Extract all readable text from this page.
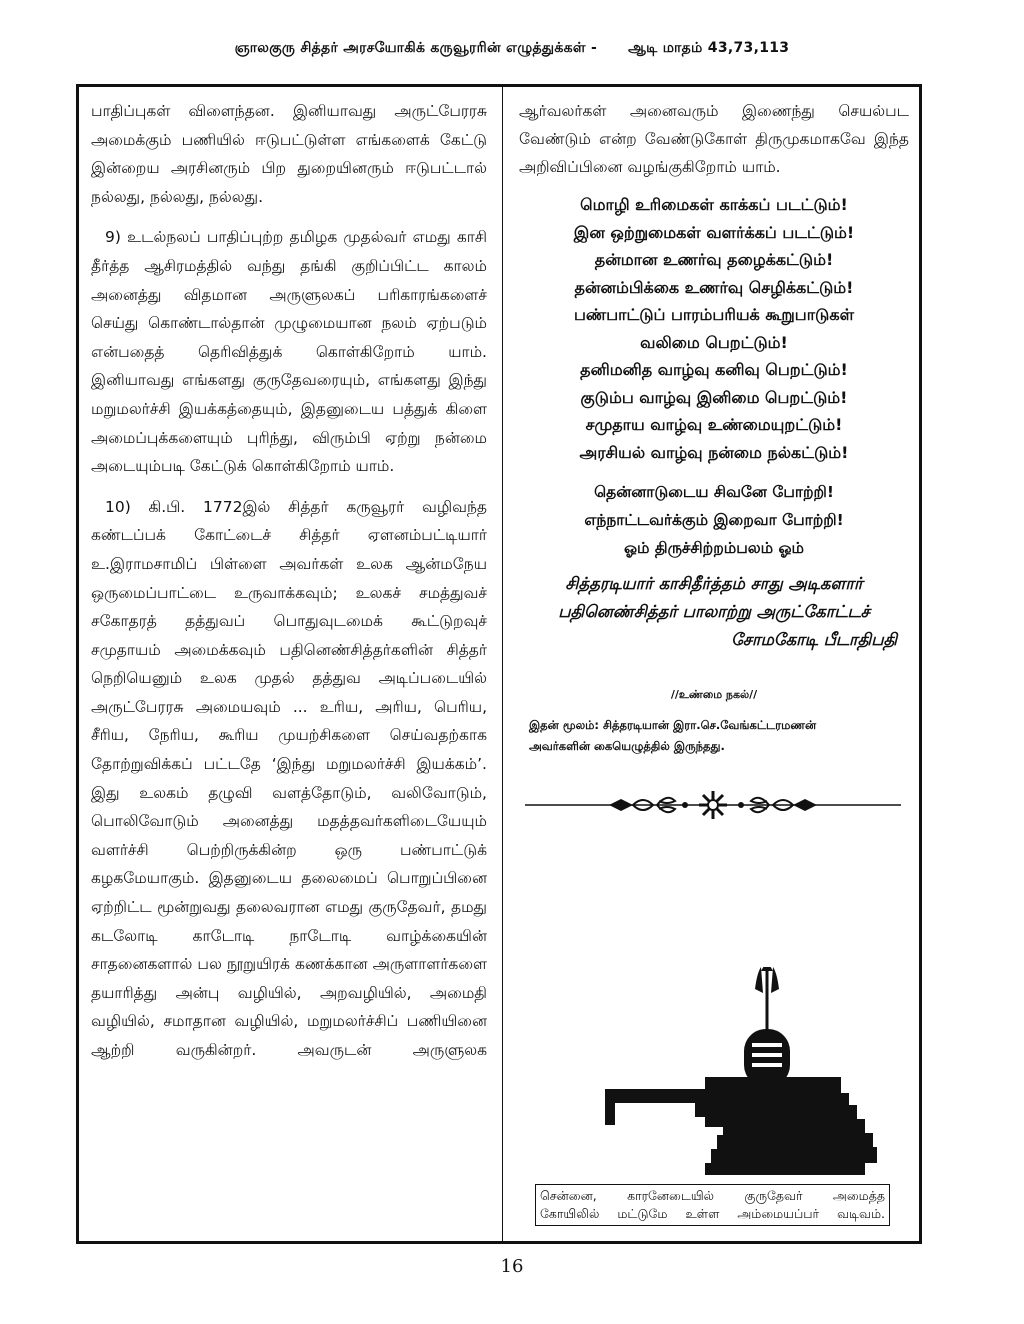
ஞாலகுரு சித்தர் அரசயோகிக் கருவூரரின் எழுத்துக்கள் - ஆடி மாதம் 43,73,113

பாதிப்புகள் விளைந்தன. இனியாவது அருட்பேரரசு அமைக்கும் பணியில் ஈடுபட்டுள்ள எங்களைக் கேட்டு இன்றைய அரசினரும் பிற துறையினரும் ஈடுபட்டால் நல்லது, நல்லது, நல்லது.

9) உடல்நலப் பாதிப்புற்ற தமிழக முதல்வர் எமது காசி தீர்த்த ஆசிரமத்தில் வந்து தங்கி குறிப்பிட்ட காலம் அனைத்து விதமான அருளுலகப் பரிகாரங்களைச் செய்து கொண்டால்தான் முழுமையான நலம் ஏற்படும் என்பதைத் தெரிவித்துக் கொள்கிறோம் யாம். இனியாவது எங்களது குருதேவரையும், எங்களது இந்து மறுமலர்ச்சி இயக்கத்தையும், இதனுடைய பத்துக் கிளை அமைப்புக்களையும் புரிந்து, விரும்பி ஏற்று நன்மை அடையும்படி கேட்டுக் கொள்கிறோம் யாம்.

10) கி.பி. 1772இல் சித்தர் கருவூரர் வழிவந்த கண்டப்பக் கோட்டைச் சித்தர் ஏளனம்பட்டியார் உ.இராமசாமிப் பிள்ளை அவர்கள் உலக ஆன்மநேய ஒருமைப்பாட்டை உருவாக்கவும்; உலகச் சமத்துவச் சகோதரத் தத்துவப் பொதுவுடமைக் கூட்டுறவுச் சமுதாயம் அமைக்கவும் பதினெண்சித்தர்களின் சித்தர் நெறியெனும் உலக முதல் தத்துவ அடிப்படையில் அருட்பேரரசு அமையவும் ... உரிய, அரிய, பெரிய, சீரிய, நேரிய, கூரிய முயற்சிகளை செய்வதற்காக தோற்றுவிக்கப் பட்டதே ‘இந்து மறுமலர்ச்சி இயக்கம்’. இது உலகம் தழுவி வளத்தோடும், வலிவோடும், பொலிவோடும் அனைத்து மதத்தவர்களிடையேயும் வளர்ச்சி பெற்றிருக்கின்ற ஒரு பண்பாட்டுக் கழகமேயாகும். இதனுடைய தலைமைப் பொறுப்பினை ஏற்றிட்ட மூன்றுவது தலைவரான எமது குருதேவர், தமது கடலோடி காடோடி நாடோடி வாழ்க்கையின் சாதனைகளால் பல நூறுயிரக் கணக்கான அருளாளர்களை தயாரித்து அன்பு வழியில், அறவழியில், அமைதி வழியில், சமாதான வழியில், மறுமலர்ச்சிப் பணியினை ஆற்றி வருகின்றர். அவருடன் அருளுலக

ஆர்வலர்கள் அனைவரும் இணைந்து செயல்பட வேண்டும் என்ற வேண்டுகோள் திருமுகமாகவே இந்த அறிவிப்பினை வழங்குகிறோம் யாம்.

மொழி உரிமைகள் காக்கப் படட்டும்!
இன ஒற்றுமைகள் வளர்க்கப் படட்டும்!
தன்மான உணர்வு தழைக்கட்டும்!
தன்னம்பிக்கை உணர்வு செழிக்கட்டும்!
பண்பாட்டுப் பாரம்பரியக் கூறுபாடுகள்
வலிமை பெறட்டும்!
தனிமனித வாழ்வு கனிவு பெறட்டும்!
குடும்ப வாழ்வு இனிமை பெறட்டும்!
சமுதாய வாழ்வு உண்மையுறட்டும்!
அரசியல் வாழ்வு நன்மை நல்கட்டும்!
தென்னாடுடைய சிவனே போற்றி!
எந்நாட்டவர்க்கும் இறைவா போற்றி!
ஓம் திருச்சிற்றம்பலம் ஓம்
சித்தரடியார் காசிதீர்த்தம் சாது அடிகளார்
பதினெண்சித்தர் பாலாற்று அருட்கோட்டச்
சோமகோடி பீடாதிபதி
//உண்மை நகல்//
இதன் மூலம்: சித்தரடியான் இரா.செ.வேங்கட்டரமணன்
அவர்களின் கையெழுத்தில் இருந்தது.
சென்னை, காரனேடையில் குருதேவர் அமைத்த
கோயிலில் மட்டுமே உள்ள அம்மையப்பர் வடிவம்.
16
